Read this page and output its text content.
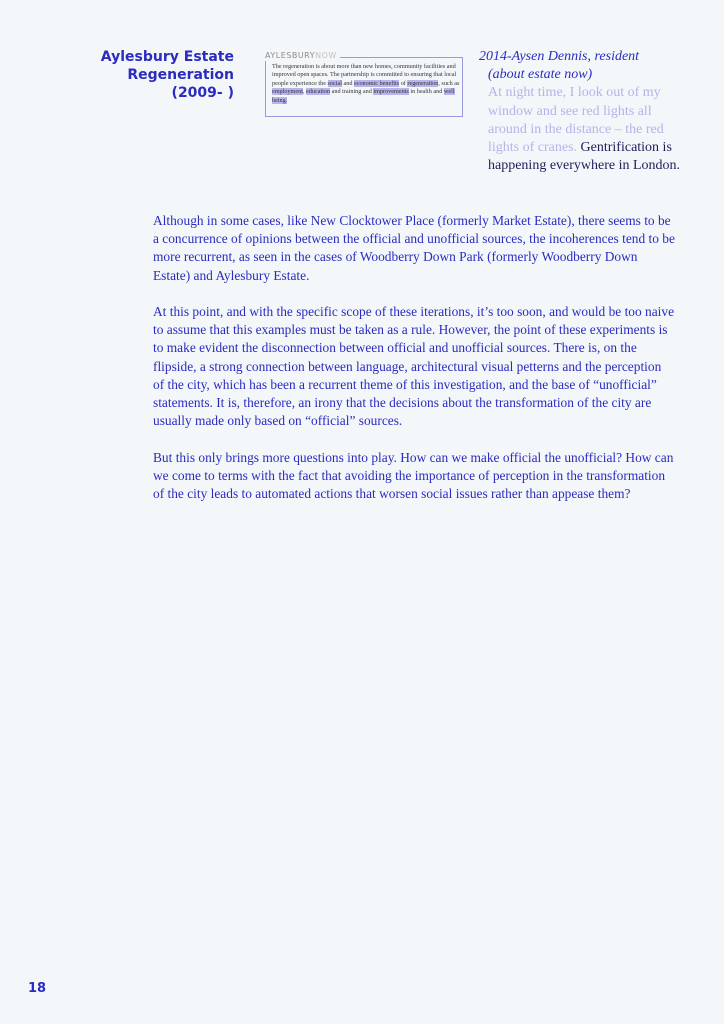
Aylesbury Estate
Regeneration
(2009- )
AYLESBURYNOW
The regeneration is about more than new homes, community facilities and improved open spaces. The partnership is committed to ensuring that local people experience the social and economic benefits of regeneration, such as employment, education and training and improvements in health and well being.
2014-Aysen Dennis, resident
(about estate now)
At night time, I look out of my window and see red lights all around in the distance – the red lights of cranes. Gentrification is happening everywhere in London.

Although in some cases, like New Clocktower Place (formerly Market Estate), there seems to be a concurrence of opinions between the official and unofficial sources, the incoherences tend to be more recurrent, as seen in the cases of Woodberry Down Park (formerly Woodberry Down Estate) and Aylesbury Estate.

At this point, and with the specific scope of these iterations, it’s too soon, and would be too naive to assume that this examples must be taken as a rule. However, the point of these experiments is to make evident the disconnection between official and unofficial sources. There is, on the flipside, a strong connection between language, architectural visual petterns and the perception of the city, which has been a recurrent theme of this investigation, and the base of “unofficial” statements. It is, therefore, an irony that the decisions about the transformation of the city are usually made only based on “official” sources.

But this only brings more questions into play. How can we make official the unofficial? How can we come to terms with the fact that avoiding the importance of perception in the transformation of the city leads to automated actions that worsen social issues rather than appease them?

18
